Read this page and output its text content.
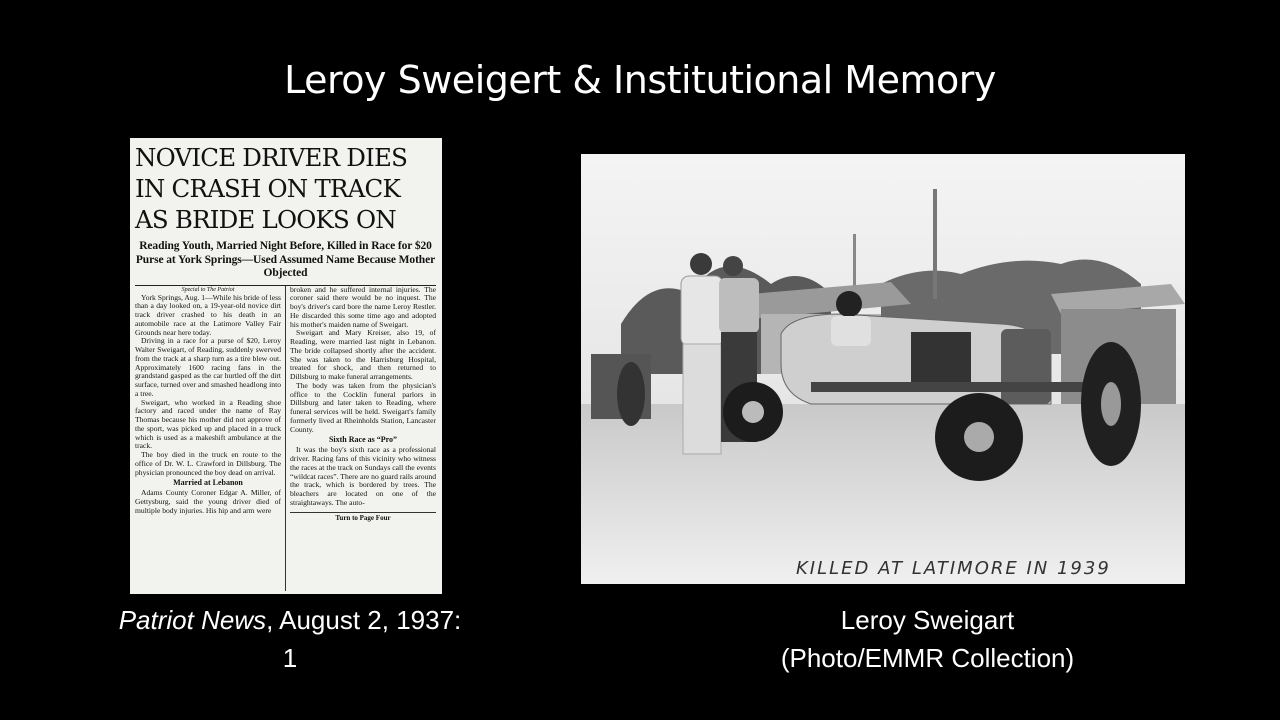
Leroy Sweigert & Institutional Memory

NOVICE DRIVER DIES

IN CRASH ON TRACK

AS BRIDE LOOKS ON

Reading Youth, Married Night Before, Killed in Race for $20 Purse at York Springs—Used Assumed Name Because Mother Objected
Special to The Patriot

York Springs, Aug. 1—While his bride of less than a day looked on, a 19-year-old novice dirt track driver crashed to his death in an automobile race at the Latimore Valley Fair Grounds near here today.

Driving in a race for a purse of $20, Leroy Walter Sweigart, of Reading, suddenly swerved from the track at a sharp turn as a tire blew out. Approximately 1600 racing fans in the grandstand gasped as the car hurtled off the dirt surface, turned over and smashed headlong into a tree.

Sweigart, who worked in a Reading shoe factory and raced under the name of Ray Thomas because his mother did not approve of the sport, was picked up and placed in a truck which is used as a makeshift ambulance at the track.

The boy died in the truck en route to the office of Dr. W. L. Crawford in Dillsburg. The physician pronounced the boy dead on arrival.

Married at Lebanon

Adams County Coroner Edgar A. Miller, of Gettysburg, said the young driver died of multiple body injuries. His hip and arm were

broken and he suffered internal injuries. The coroner said there would be no inquest. The boy's driver's card bore the name Leroy Restler. He discarded this some time ago and adopted his mother's maiden name of Sweigart.

Sweigart and Mary Kreiser, also 19, of Reading, were married last night in Lebanon. The bride collapsed shortly after the accident. She was taken to the Harrisburg Hospital, treated for shock, and then returned to Dillsburg to make funeral arrangements.

The body was taken from the physician's office to the Cocklin funeral parlors in Dillsburg and later taken to Reading, where funeral services will be held. Sweigart's family formerly lived at Rheinholds Station, Lancaster County.

Sixth Race as “Pro”

It was the boy's sixth race as a professional driver. Racing fans of this vicinity who witness the races at the track on Sundays call the events “wildcat races”. There are no guard rails around the track, which is bordered by trees. The bleachers are located on one of the straightaways. The auto-

Turn to Page Four
Patriot News, August 2, 1937: 1
KILLED AT LATIMORE IN 1939
Leroy Sweigart
(Photo/EMMR Collection)
